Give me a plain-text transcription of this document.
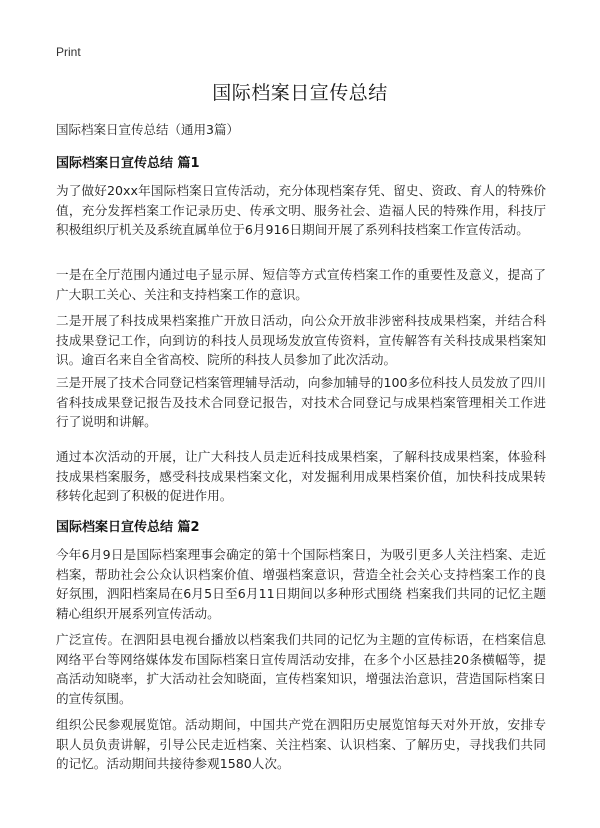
Print
国际档案日宣传总结
国际档案日宣传总结（通用3篇）
国际档案日宣传总结 篇1
为了做好20xx年国际档案日宣传活动，充分体现档案存凭、留史、资政、育人的特殊价值，充分发挥档案工作记录历史、传承文明、服务社会、造福人民的特殊作用，科技厅积极组织厅机关及系统直属单位于6月916日期间开展了系列科技档案工作宣传活动。
一是在全厅范围内通过电子显示屏、短信等方式宣传档案工作的重要性及意义，提高了广大职工关心、关注和支持档案工作的意识。
二是开展了科技成果档案推广开放日活动，向公众开放非涉密科技成果档案，并结合科技成果登记工作，向到访的科技人员现场发放宣传资料，宣传解答有关科技成果档案知识。逾百名来自全省高校、院所的科技人员参加了此次活动。
三是开展了技术合同登记档案管理辅导活动，向参加辅导的100多位科技人员发放了四川省科技成果登记报告及技术合同登记报告，对技术合同登记与成果档案管理相关工作进行了说明和讲解。
通过本次活动的开展，让广大科技人员走近科技成果档案，了解科技成果档案，体验科技成果档案服务，感受科技成果档案文化，对发掘利用成果档案价值，加快科技成果转移转化起到了积极的促进作用。
国际档案日宣传总结 篇2
今年6月9日是国际档案理事会确定的第十个国际档案日，为吸引更多人关注档案、走近档案，帮助社会公众认识档案价值、增强档案意识，营造全社会关心支持档案工作的良好氛围，泗阳档案局在6月5日至6月11日期间以多种形式围绕 档案我们共同的记忆主题精心组织开展系列宣传活动。
广泛宣传。在泗阳县电视台播放以档案我们共同的记忆为主题的宣传标语，在档案信息网络平台等网络媒体发布国际档案日宣传周活动安排，在多个小区悬挂20条横幅等，提高活动知晓率，扩大活动社会知晓面，宣传档案知识，增强法治意识，营造国际档案日的宣传氛围。
组织公民参观展览馆。活动期间，中国共产党在泗阳历史展览馆每天对外开放，安排专职人员负责讲解，引导公民走近档案、关注档案、认识档案、了解历史，寻找我们共同的记忆。活动期间共接待参观1580人次。
